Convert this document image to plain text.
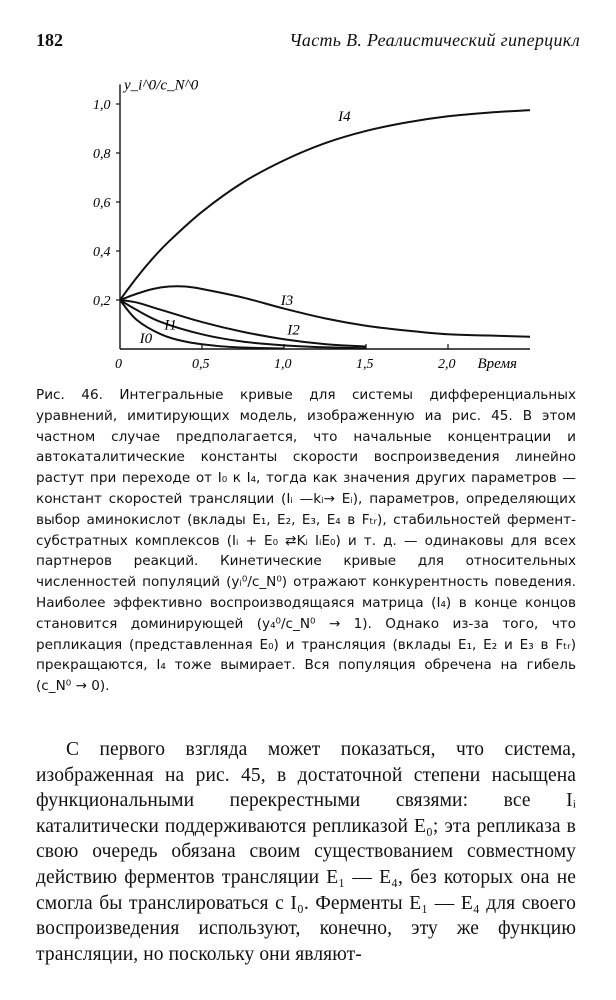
182	Часть B. Реалистический гиперцикл
0,2
0,4
0,6
0,8
1,0
0	0,5	1,0	1,5	2,0 Время
y_i^0/c_N^0
I4
I3
I2
I1
I0

Рис. 46. Интегральные кривые для системы дифференциальных уравнений, имитирующих модель, изображенную иа рис. 45. В этом частном случае предполагается, что начальные концентрации и автокаталитические константы скорости воспроизведения линейно растут при переходе от I₀ к I₄, тогда как значения других параметров — констант скоростей трансляции (Iᵢ —kᵢ→ Eᵢ), параметров, определяющих выбор аминокислот (вклады E₁, E₂, E₃, E₄ в Fₜᵣ), стабильностей фермент-субстратных комплексов (Iᵢ + E₀ ⇄Kᵢ IᵢE₀) и т. д. — одинаковы для всех партнеров реакций. Кинетические кривые для относительных численностей популяций (yᵢ⁰/c_N⁰) отражают конкурентность поведения. Наиболее эффективно воспроизводящаяся матрица (I₄) в конце концов становится доминирующей (y₄⁰/c_N⁰ → 1). Однако из-за того, что репликация (представленная E₀) и трансляция (вклады E₁, E₂ и E₃ в Fₜᵣ) прекращаются, I₄ тоже вымирает. Вся популяция обречена на гибель (c_N⁰ → 0).

С первого взгляда может показаться, что система, изображенная на рис. 45, в достаточной степени насыщена функциональными перекрестными связями: все Iᵢ каталитически поддерживаются репликазой E₀; эта репликаза в свою очередь обязана своим существованием совместному действию ферментов трансляции E₁ — E₄, без которых она не смогла бы транслироваться с I₀. Ферменты E₁ — E₄ для своего воспроизведения используют, конечно, эту же функцию трансляции, но поскольку они являют-
